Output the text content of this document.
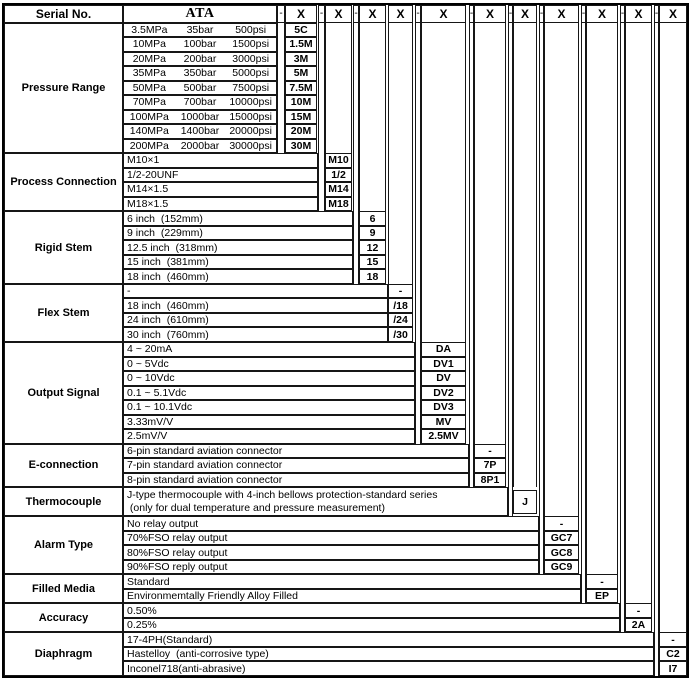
Serial No.	ATA	-	X	- X	- X	X	-	X	-	X	- X	-	X	-	X	- X	- X
Pressure Range
3.5MPa	35bar	500psi	5C
10MPa	100bar	1500psi	1.5M
20MPa	200bar	3000psi	3M
35MPa	350bar	5000psi	5M
50MPa	500bar	7500psi	7.5M
70MPa	700bar	10000psi	10M
100MPa	1000bar 15000psi	15M
140MPa	1400bar 20000psi	20M
200MPa	2000bar 30000psi	30M
Process Connection
M10×1	M10
1/2-20UNF	1/2
M14×1.5	M14
M18×1.5	M18
Rigid Stem
6 inch  (152mm)	6
9 inch  (229mm)	9
12.5 inch  (318mm)	12
15 inch  (381mm)	15
18 inch  (460mm)	18
Flex Stem
-	-
18 inch  (460mm)	/18
24 inch  (610mm)	/24
30 inch  (760mm)	/30
Output Signal
4 ~ 20mA	DA
0 ~ 5Vdc	DV1
0 ~ 10Vdc	DV
0.1 ~ 5.1Vdc	DV2
0.1 ~ 10.1Vdc	DV3
3.33mV/V	MV
2.5mV/V	2.5MV
E-connection
6-pin standard aviation connector	-
7-pin standard aviation connector	7P
8-pin standard aviation connector	8P1
Thermocouple
J-type thermocouple with 4-inch bellows protection-standard series
(only for dual temperature and pressure measurement)	J
Alarm Type
No relay output	-
70%FSO relay output	GC7
80%FSO relay output	GC8
90%FSO reply output	GC9
Filled Media
Standard	-
Environmemtally Friendly Alloy Filled	EP
Accuracy
0.50%	-
0.25%	2A
Diaphragm
17-4PH(Standard)	-
Hastelloy  (anti-corrosive type)	C2
Inconel718(anti-abrasive)	I7
